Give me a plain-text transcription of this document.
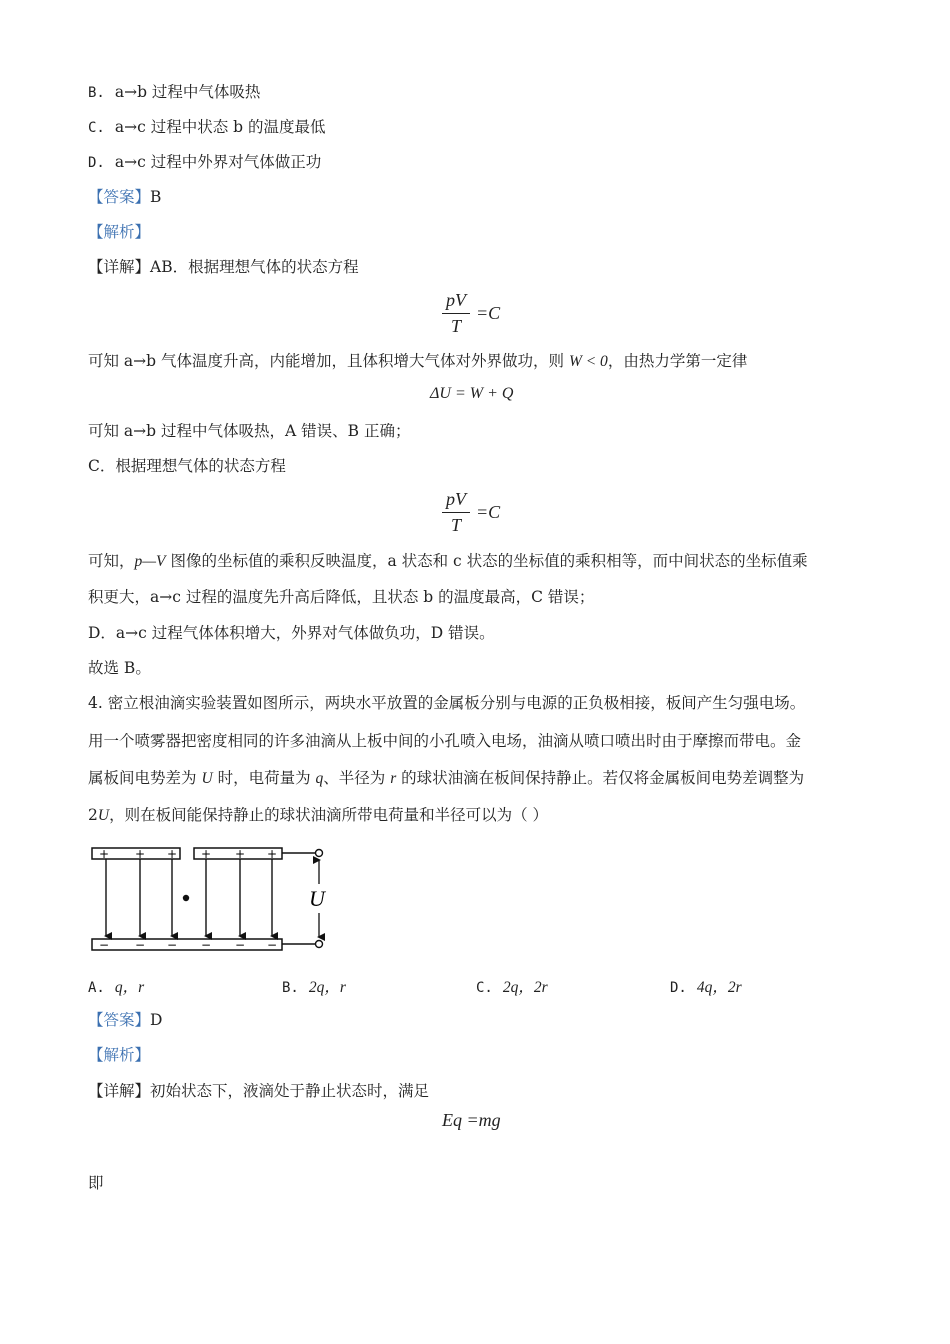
B. a→b 过程中气体吸热
C. a→c 过程中状态 b 的温度最低
D. a→c 过程中外界对气体做正功
【答案】B
【解析】
【详解】AB．根据理想气体的状态方程
$\frac{pV}{T} =C$
可知 a→b 气体温度升高，内能增加，且体积增大气体对外界做功，则 W < 0，由热力学第一定律
ΔU = W + Q
可知 a→b 过程中气体吸热，A 错误、B 正确；
C．根据理想气体的状态方程
$\frac{pV}{T} =C$
可知，p—V 图像的坐标值的乘积反映温度，a 状态和 c 状态的坐标值的乘积相等，而中间状态的坐标值乘
积更大，a→c 过程的温度先升高后降低，且状态 b 的温度最高，C 错误；
D．a→c 过程气体体积增大，外界对气体做负功，D 错误。
故选 B。
4. 密立根油滴实验装置如图所示，两块水平放置的金属板分别与电源的正负极相接，板间产生匀强电场。
用一个喷雾器把密度相同的许多油滴从上板中间的小孔喷入电场，油滴从喷口喷出时由于摩擦而带电。金
属板间电势差为 U 时，电荷量为 q、半径为 r 的球状油滴在板间保持静止。若仅将金属板间电势差调整为
2U，则在板间能保持静止的球状油滴所带电荷量和半径可以为（ ）
+ + + + + +
− − − − − −
U
A. q，r	B. 2q，r	C. 2q，2r	D. 4q，2r
【答案】D
【解析】
【详解】初始状态下，液滴处于静止状态时，满足
Eq =mg
即
